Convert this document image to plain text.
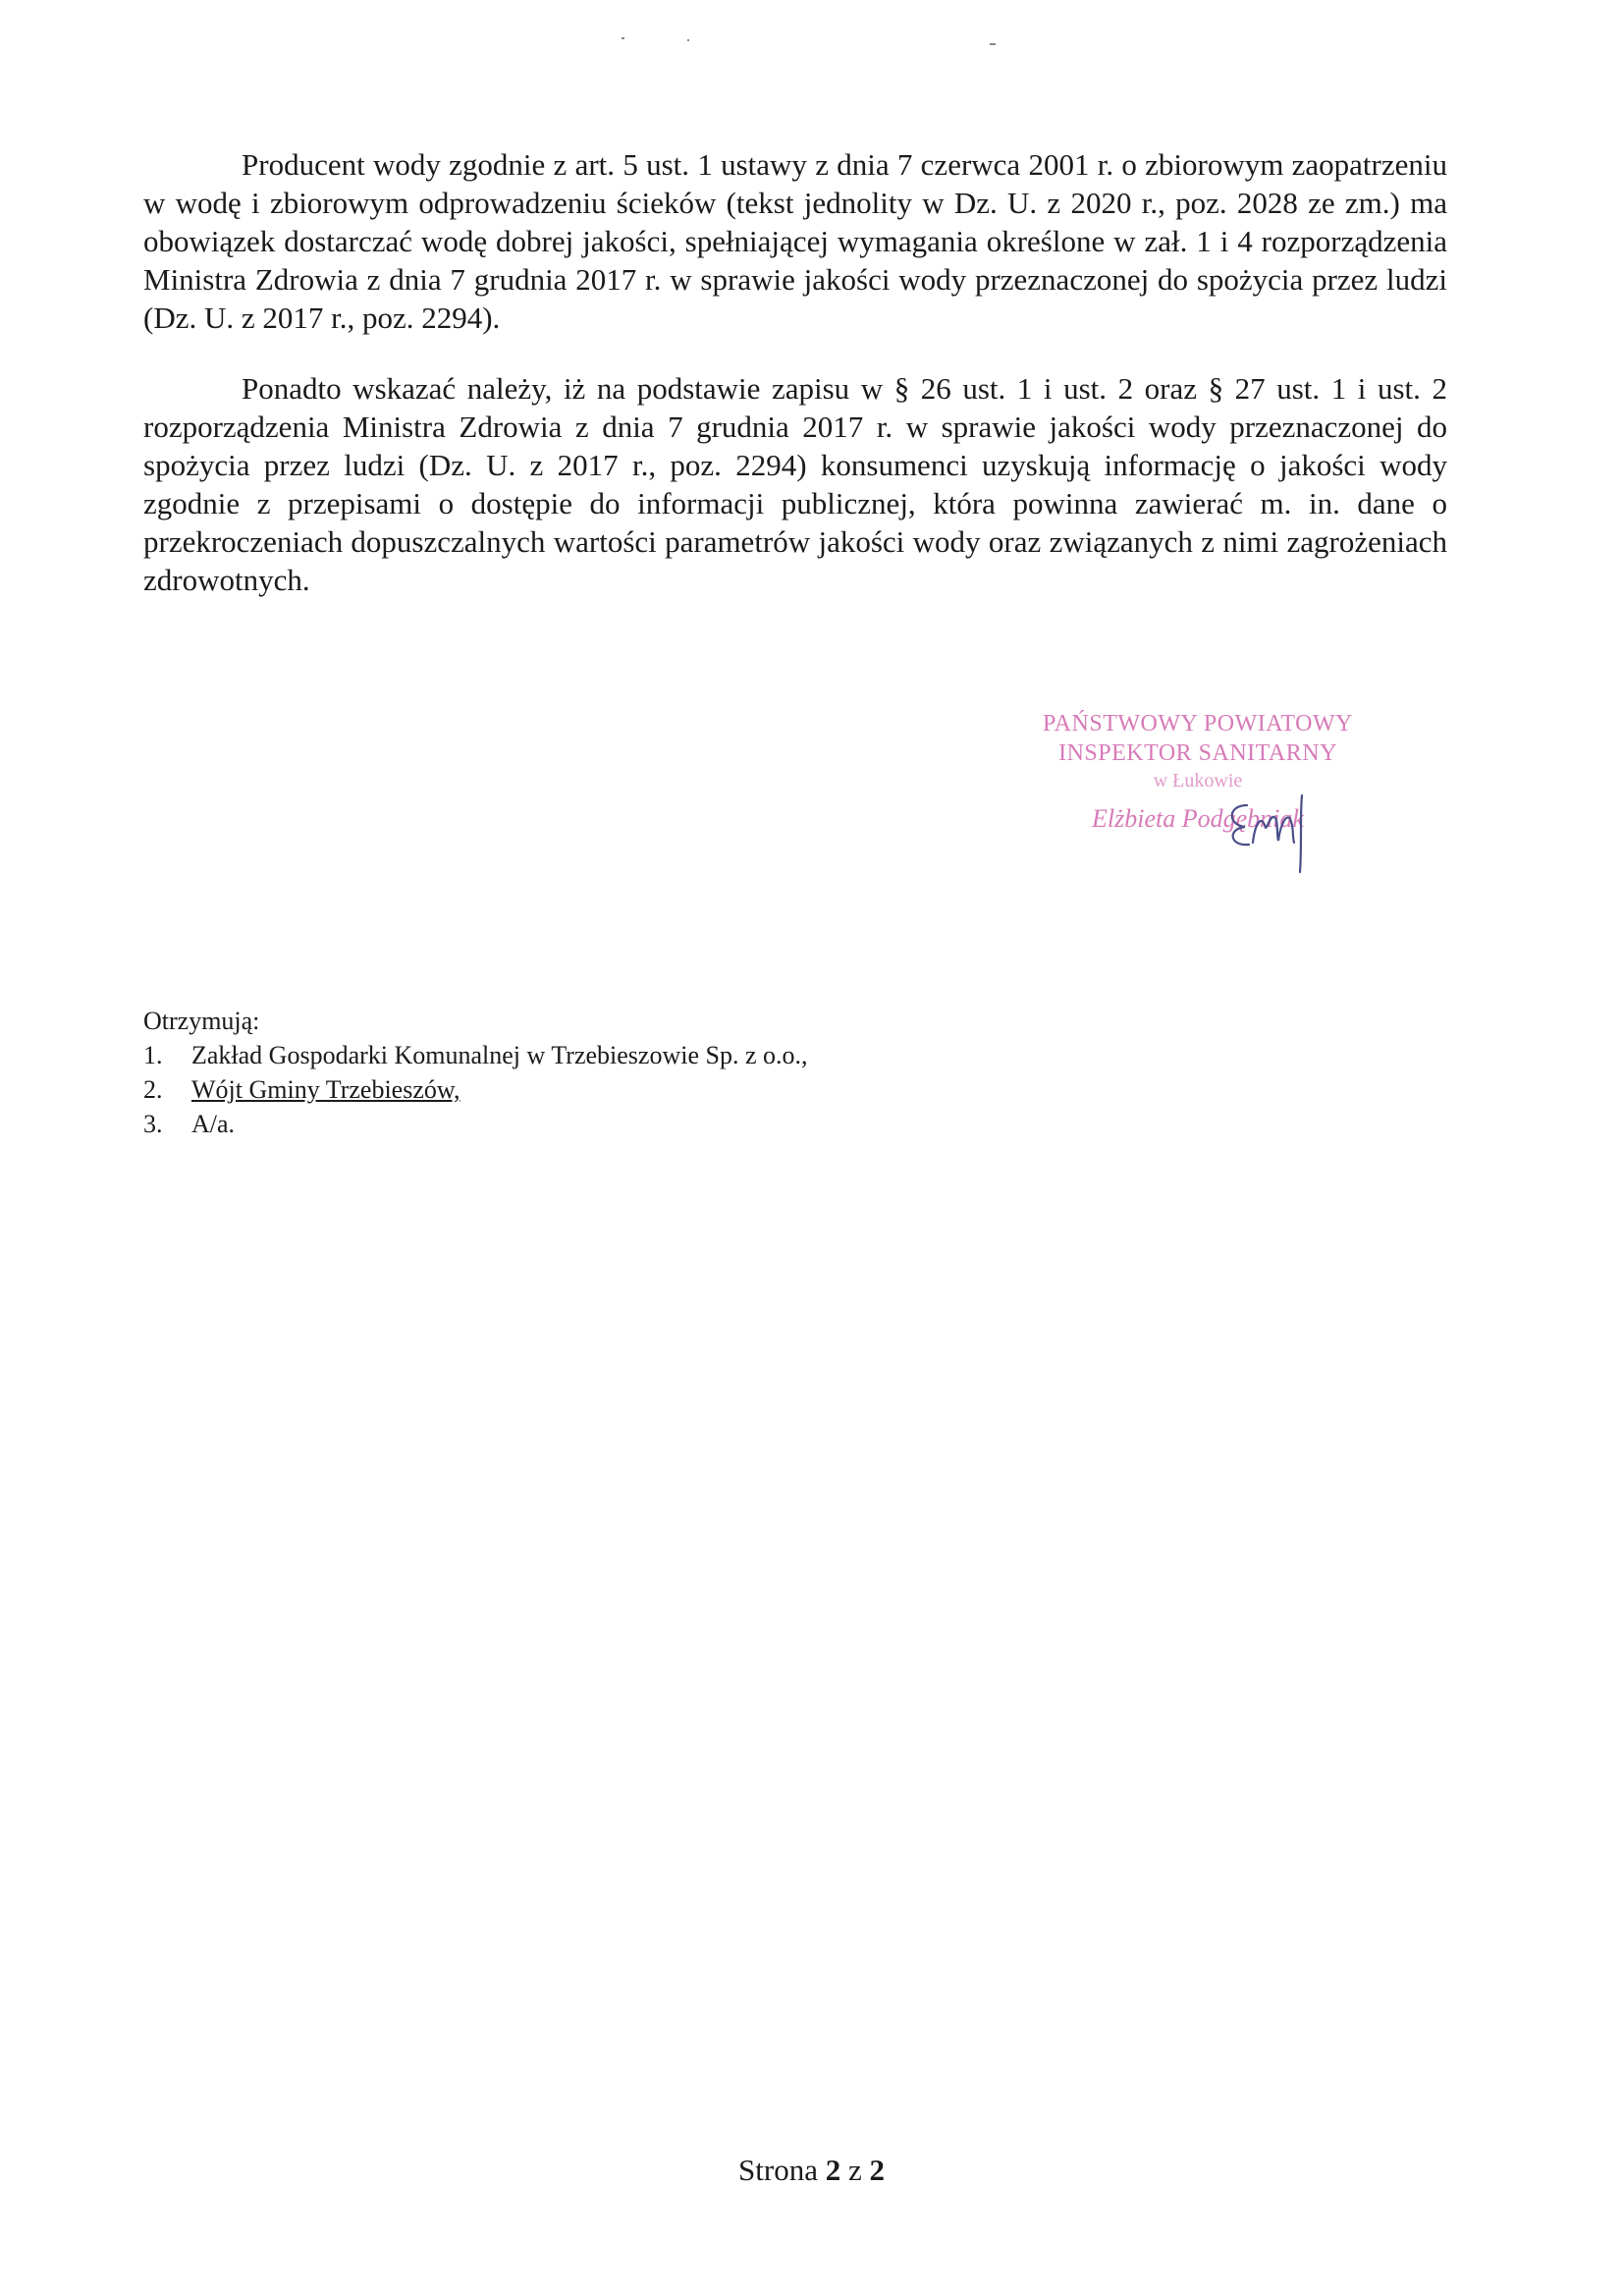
Producent wody zgodnie z art. 5 ust. 1 ustawy z dnia 7 czerwca 2001 r. o zbiorowym zaopatrzeniu w wodę i zbiorowym odprowadzeniu ścieków (tekst jednolity w Dz. U. z 2020 r., poz. 2028 ze zm.) ma obowiązek dostarczać wodę dobrej jakości, spełniającej wymagania określone w zał. 1 i 4 rozporządzenia Ministra Zdrowia z dnia 7 grudnia 2017 r. w sprawie jakości wody przeznaczonej do spożycia przez ludzi (Dz. U. z 2017 r., poz. 2294).

Ponadto wskazać należy, iż na podstawie zapisu w § 26 ust. 1 i ust. 2 oraz § 27 ust. 1 i ust. 2 rozporządzenia Ministra Zdrowia z dnia 7 grudnia 2017 r. w sprawie jakości wody przeznaczonej do spożycia przez ludzi (Dz. U. z 2017 r., poz. 2294) konsumenci uzyskują informację o jakości wody zgodnie z przepisami o dostępie do informacji publicznej, która powinna zawierać m. in. dane o przekroczeniach dopuszczalnych wartości parametrów jakości wody oraz związanych z nimi zagrożeniach zdrowotnych.

PAŃSTWOWY POWIATOWY
INSPEKTOR SANITARNY
w Łukowie
Elżbieta Podgębniak
Otrzymują:
1.	Zakład Gospodarki Komunalnej w Trzebieszowie Sp. z o.o.,
2.	Wójt Gminy Trzebieszów,
3.	A/a.
Strona 2 z 2
